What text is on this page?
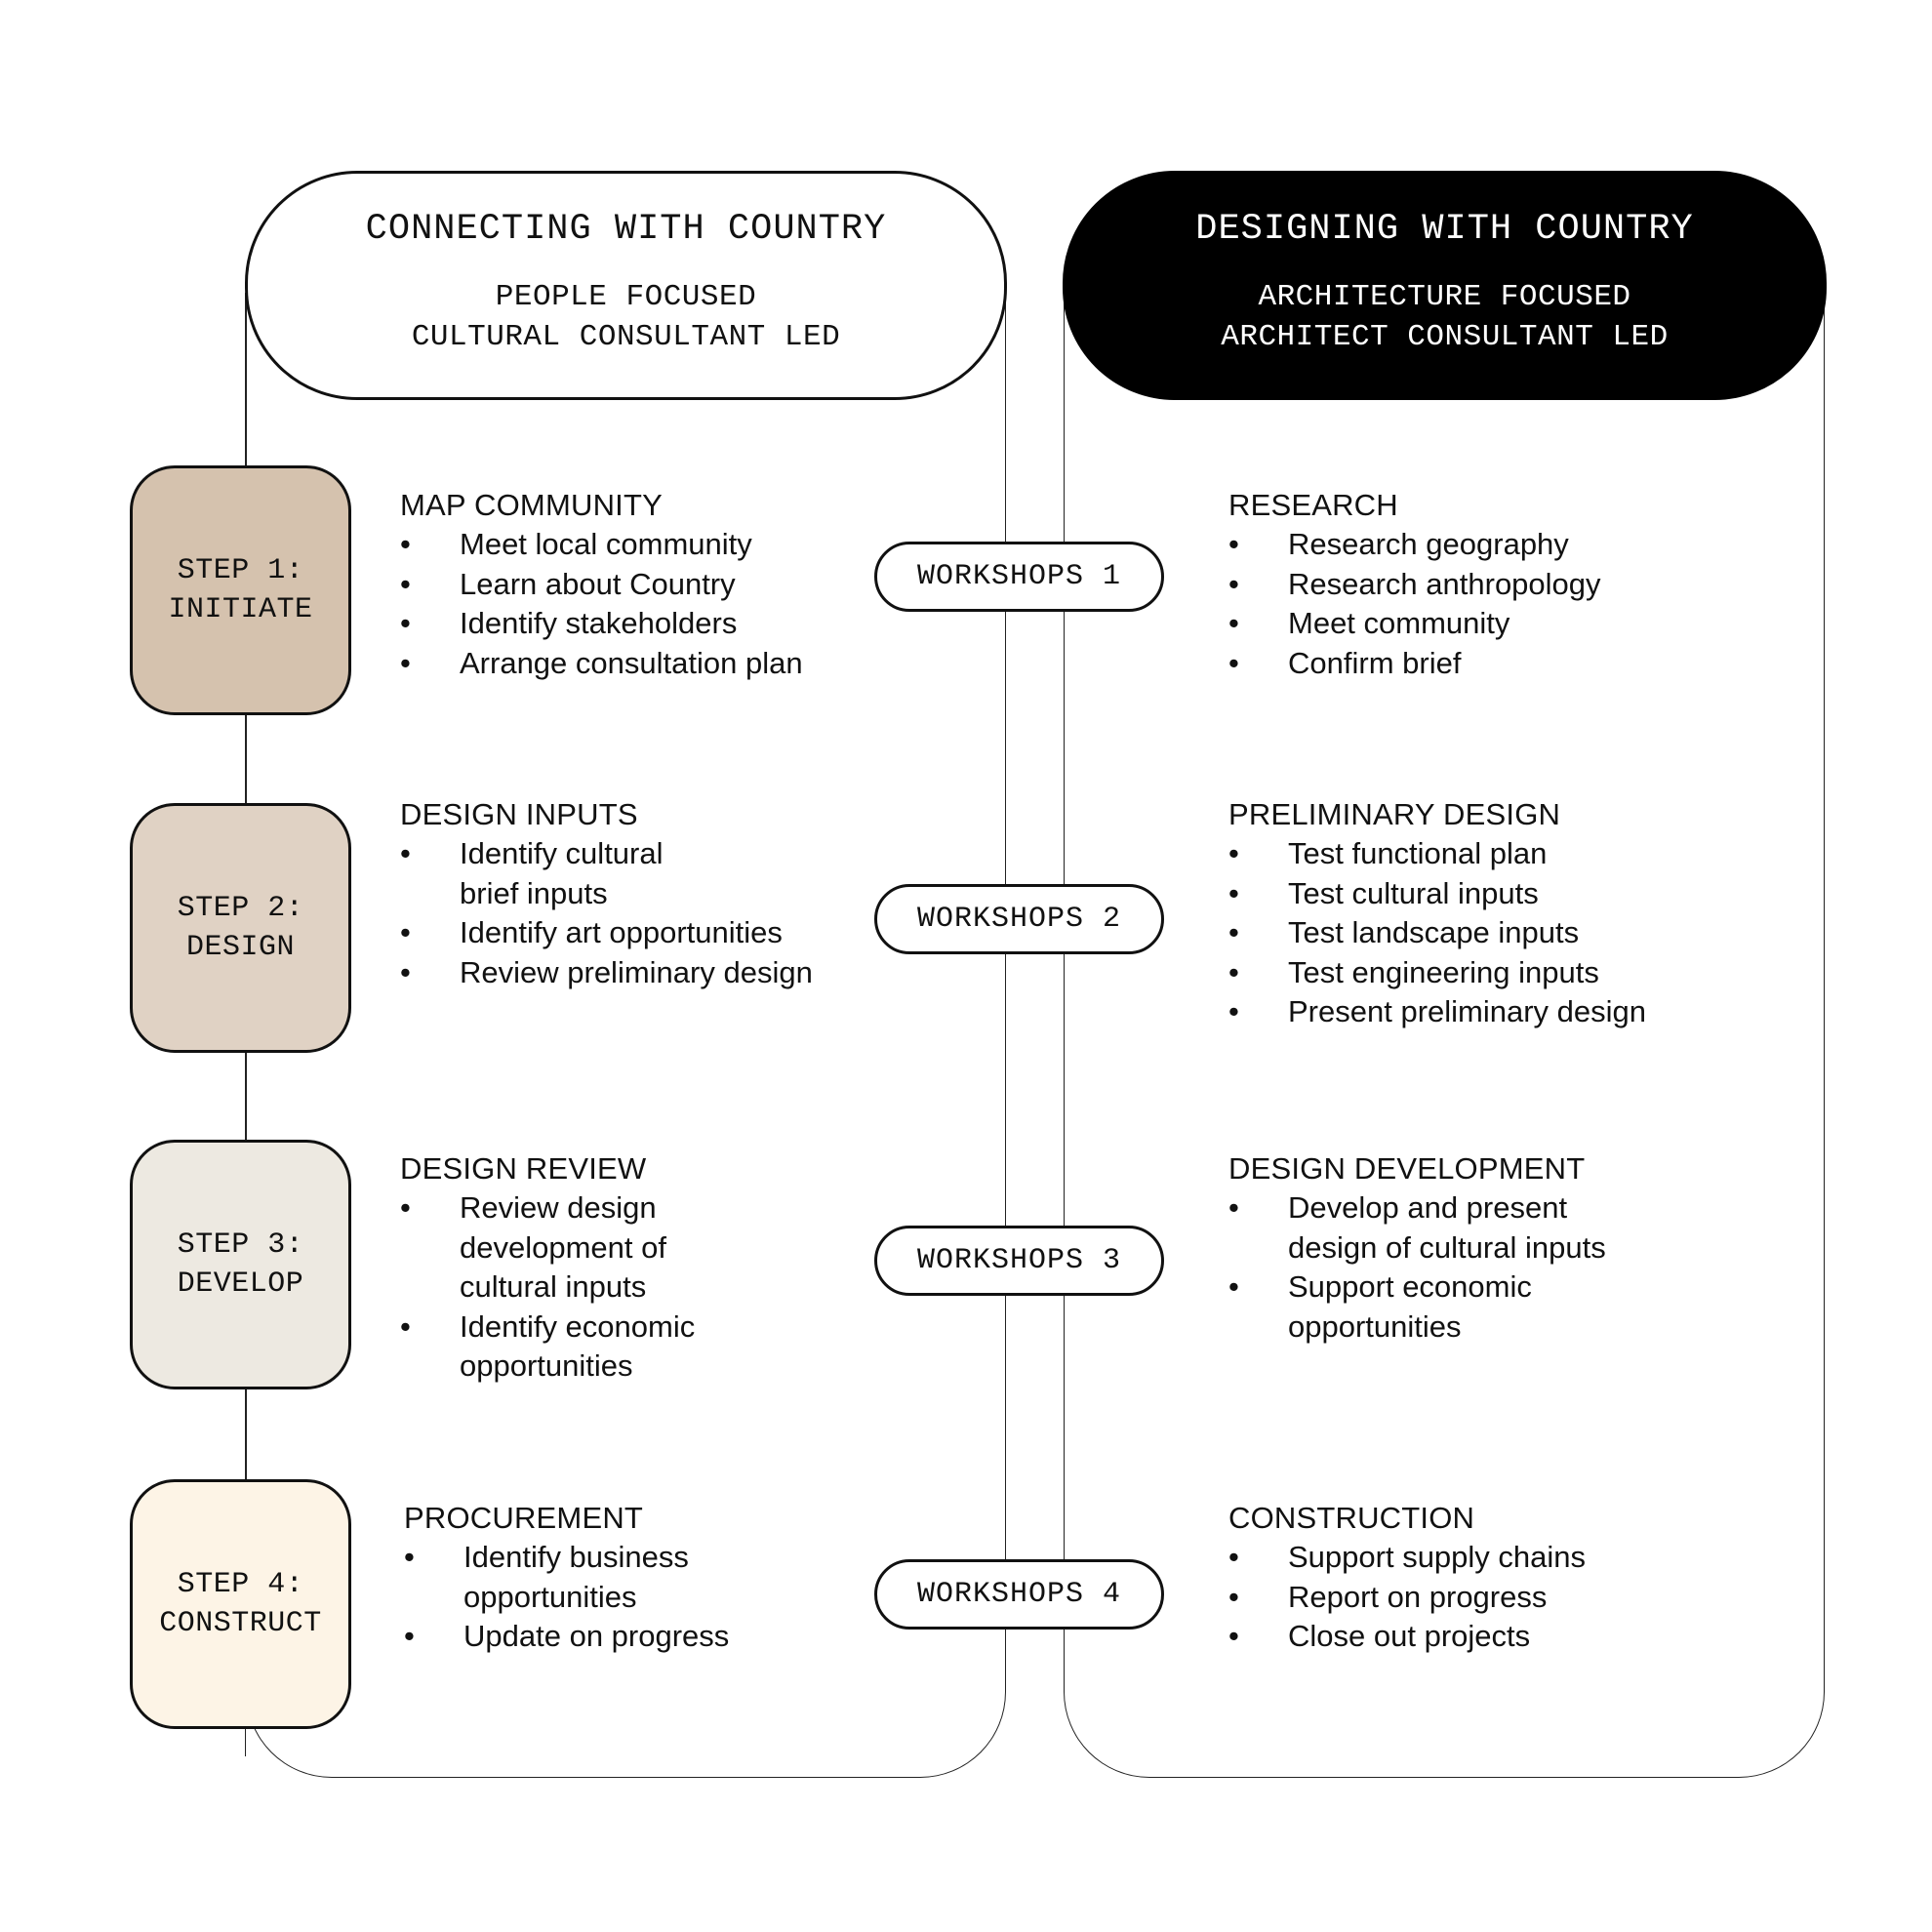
CONNECTING WITH COUNTRY
PEOPLE FOCUSED
CULTURAL CONSULTANT LED
DESIGNING WITH COUNTRY
ARCHITECTURE FOCUSED
ARCHITECT CONSULTANT LED
STEP 1:
INITIATE
STEP 2:
DESIGN
STEP 3:
DEVELOP
STEP 4:
CONSTRUCT
WORKSHOPS 1
WORKSHOPS 2
WORKSHOPS 3
WORKSHOPS 4
MAP COMMUNITY
• Meet local community
• Learn about Country
• Identify stakeholders
• Arrange consultation plan
DESIGN INPUTS
• Identify cultural
brief inputs
• Identify art opportunities
• Review preliminary design
DESIGN REVIEW
• Review design
development of
cultural inputs
• Identify economic
opportunities
PROCUREMENT
• Identify business
opportunities
• Update on progress
RESEARCH
• Research geography
• Research anthropology
• Meet community
• Confirm brief
PRELIMINARY DESIGN
• Test functional plan
• Test cultural inputs
• Test landscape inputs
• Test engineering inputs
• Present preliminary design
DESIGN DEVELOPMENT
• Develop and present
design of cultural inputs
• Support economic
opportunities
CONSTRUCTION
• Support supply chains
• Report on progress
• Close out projects
